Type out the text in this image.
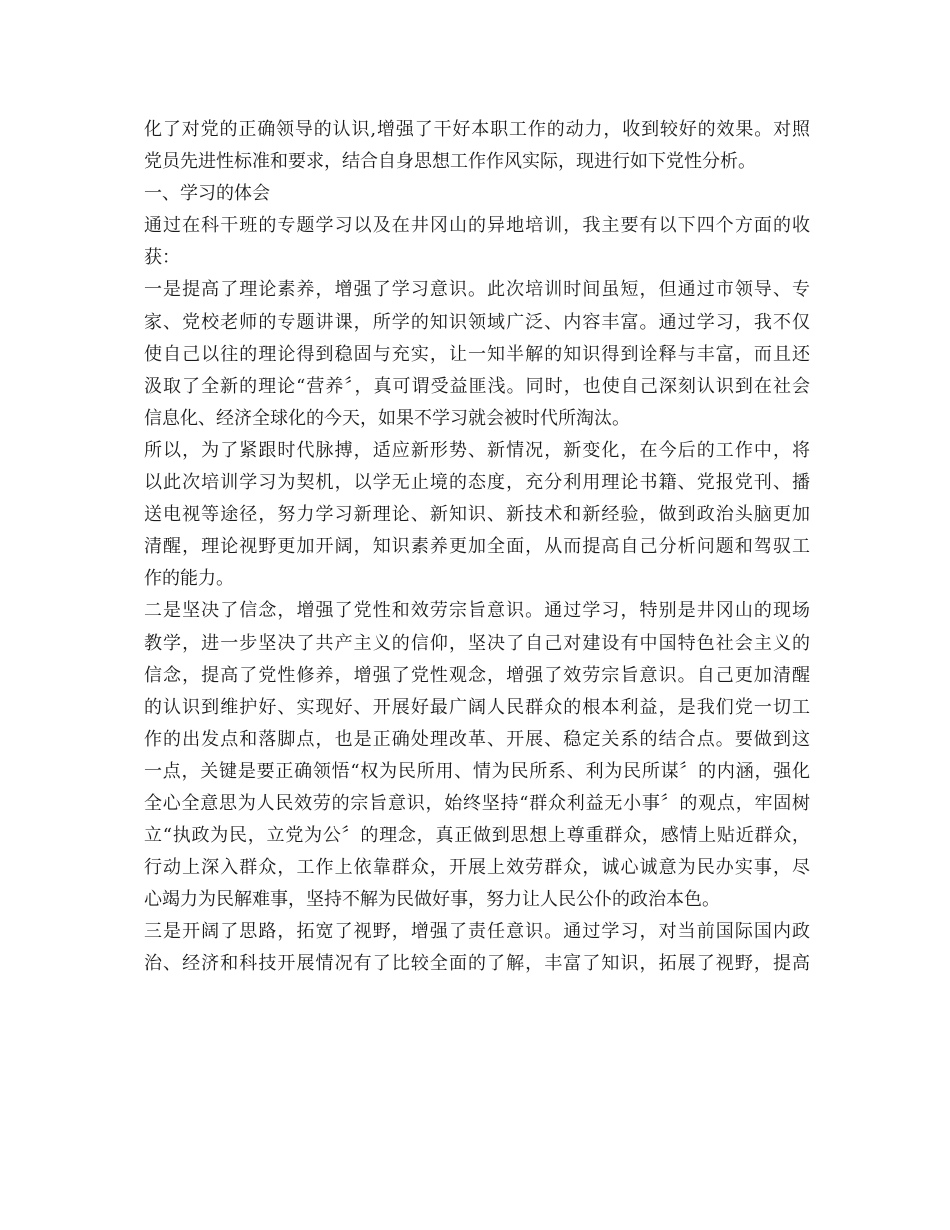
化了对党的正确领导的认识,增强了干好本职工作的动力，收到较好的效果。对照
党员先进性标准和要求，结合自身思想工作作风实际，现进行如下党性分析。
一、学习的体会
通过在科干班的专题学习以及在井冈山的异地培训，我主要有以下四个方面的收
获：
一是提高了理论素养，增强了学习意识。此次培训时间虽短，但通过市领导、专
家、党校老师的专题讲课，所学的知识领域广泛、内容丰富。通过学习，我不仅
使自己以往的理论得到稳固与充实，让一知半解的知识得到诠释与丰富，而且还
汲取了全新的理论“营养〞，真可谓受益匪浅。同时，也使自己深刻认识到在社会
信息化、经济全球化的今天，如果不学习就会被时代所淘汰。
所以，为了紧跟时代脉搏，适应新形势、新情况，新变化，在今后的工作中，将
以此次培训学习为契机，以学无止境的态度，充分利用理论书籍、党报党刊、播
送电视等途径，努力学习新理论、新知识、新技术和新经验，做到政治头脑更加
清醒，理论视野更加开阔，知识素养更加全面，从而提高自己分析问题和驾驭工
作的能力。
二是坚决了信念，增强了党性和效劳宗旨意识。通过学习，特别是井冈山的现场
教学，进一步坚决了共产主义的信仰，坚决了自己对建设有中国特色社会主义的
信念，提高了党性修养，增强了党性观念，增强了效劳宗旨意识。自己更加清醒
的认识到维护好、实现好、开展好最广阔人民群众的根本利益，是我们党一切工
作的出发点和落脚点，也是正确处理改革、开展、稳定关系的结合点。要做到这
一点，关键是要正确领悟“权为民所用、情为民所系、利为民所谋〞的内涵，强化
全心全意思为人民效劳的宗旨意识，始终坚持“群众利益无小事〞的观点，牢固树
立“执政为民，立党为公〞的理念，真正做到思想上尊重群众，感情上贴近群众，
行动上深入群众，工作上依靠群众，开展上效劳群众，诚心诚意为民办实事，尽
心竭力为民解难事，坚持不解为民做好事，努力让人民公仆的政治本色。
三是开阔了思路，拓宽了视野，增强了责任意识。通过学习，对当前国际国内政
治、经济和科技开展情况有了比较全面的了解，丰富了知识，拓展了视野，提高
